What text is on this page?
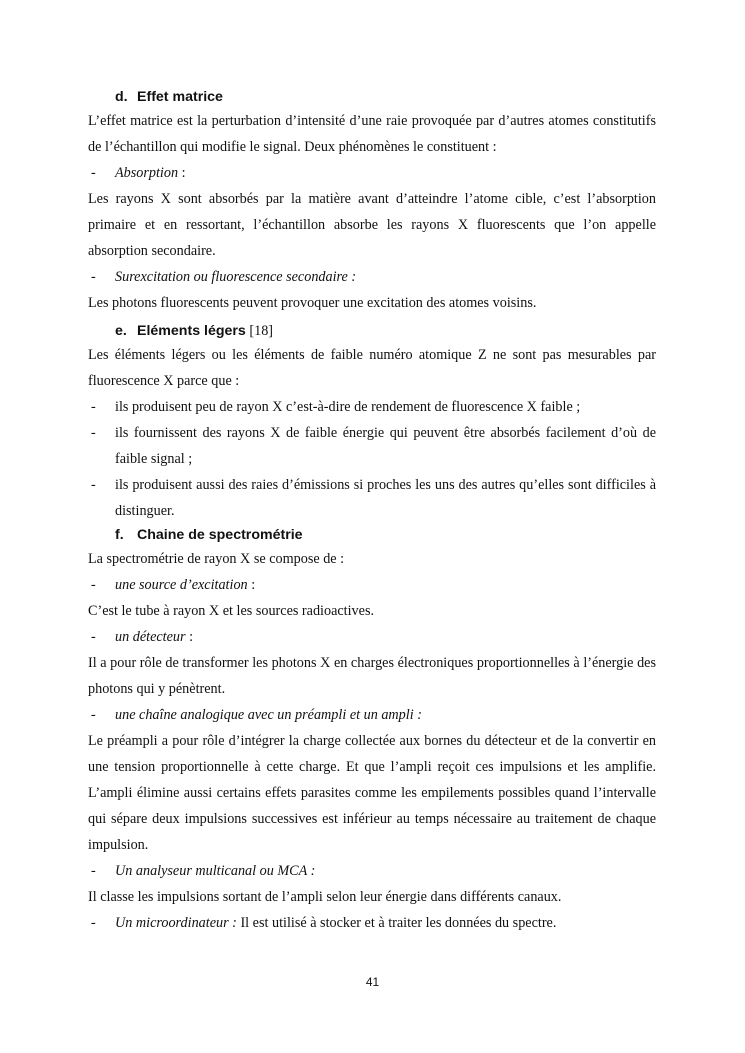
d. Effet matrice

L’effet matrice est la perturbation d’intensité d’une raie provoquée par d’autres atomes constitutifs de l’échantillon qui modifie le signal. Deux phénomènes le constituent :

-	Absorption :

Les rayons X sont absorbés par la matière avant d’atteindre l’atome cible, c’est l’absorption primaire et en ressortant, l’échantillon absorbe les rayons X fluorescents que l’on appelle absorption secondaire.

-	Surexcitation ou fluorescence secondaire :

Les photons fluorescents peuvent provoquer une excitation des atomes voisins.

e. Eléments légers [18]

Les éléments légers ou les éléments de faible numéro atomique Z ne sont pas mesurables par fluorescence X parce que :

-	ils produisent peu de rayon X c’est-à-dire de rendement de fluorescence X faible ;
-	ils fournissent des rayons X de faible énergie qui peuvent être absorbés facilement d’où de faible signal ;
-	ils produisent aussi des raies d’émissions si proches les uns des autres qu’elles sont difficiles à distinguer.
f. Chaine de spectrométrie

La spectrométrie de rayon X se compose de :

-	une source d’excitation :

C’est le tube à rayon X et les sources radioactives.

-	un détecteur :

Il a pour rôle de transformer les photons X en charges électroniques proportionnelles à l’énergie des photons qui y pénètrent.

-	une chaîne analogique avec un préampli et un ampli :

Le préampli a pour rôle d’intégrer la charge collectée aux bornes du détecteur et de la convertir en une tension proportionnelle à cette charge. Et que l’ampli reçoit ces impulsions et les amplifie. L’ampli élimine aussi certains effets parasites comme les empilements possibles quand l’intervalle qui sépare deux impulsions successives est inférieur au temps nécessaire au traitement de chaque impulsion.

-	Un analyseur multicanal ou MCA :

Il classe les impulsions sortant de l’ampli selon leur énergie dans différents canaux.

-	Un microordinateur : Il est utilisé à stocker et à traiter les données du spectre.
41
